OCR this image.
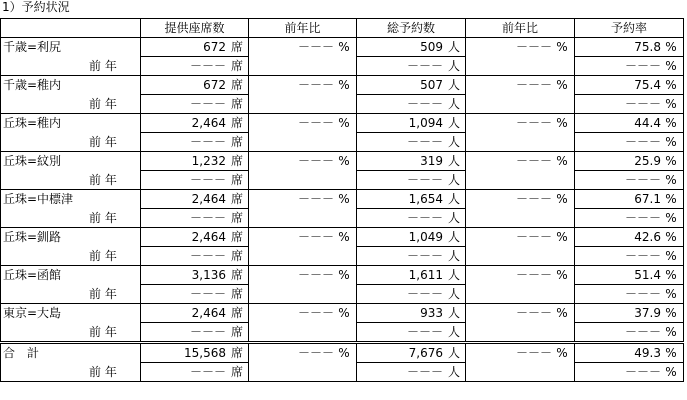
1）予約状況
	提供座席数	前年比	総予約数	前年比	予約率
千歳=利尻	672 席	－－－ %	509 人	－－－ %	75.8 %
前 年	－－－ 席		－－－ 人		－－－ %
千歳=稚内	672 席	－－－ %	507 人	－－－ %	75.4 %
前 年	－－－ 席		－－－ 人		－－－ %
丘珠=稚内	2,464 席	－－－ %	1,094 人	－－－ %	44.4 %
前 年	－－－ 席		－－－ 人		－－－ %
丘珠=紋別	1,232 席	－－－ %	319 人	－－－ %	25.9 %
前 年	－－－ 席		－－－ 人		－－－ %
丘珠=中標津	2,464 席	－－－ %	1,654 人	－－－ %	67.1 %
前 年	－－－ 席		－－－ 人		－－－ %
丘珠=釧路	2,464 席	－－－ %	1,049 人	－－－ %	42.6 %
前 年	－－－ 席		－－－ 人		－－－ %
丘珠=函館	3,136 席	－－－ %	1,611 人	－－－ %	51.4 %
前 年	－－－ 席		－－－ 人		－－－ %
東京=大島	2,464 席	－－－ %	933 人	－－－ %	37.9 %
前 年	－－－ 席		－－－ 人		－－－ %
合　計	15,568 席	－－－ %	7,676 人	－－－ %	49.3 %
前 年	－－－ 席		－－－ 人		－－－ %
